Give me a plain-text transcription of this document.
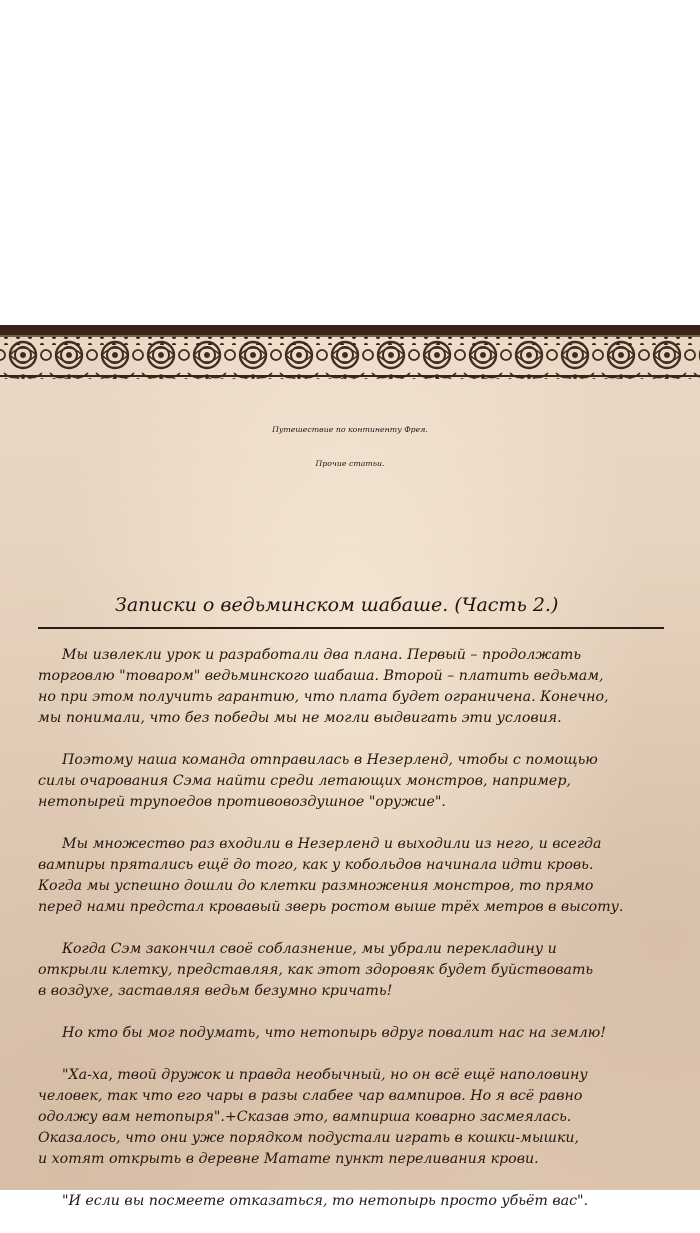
Путешествие по континенту Фрея.
Прочие статьи.
Записки о ведьминском шабаше. (Часть 2.)

Мы извлекли урок и разработали два плана. Первый – продолжать
торговлю "товаром" ведьминского шабаша. Второй – платить ведьмам,
но при этом получить гарантию, что плата будет ограничена. Конечно,
мы понимали, что без победы мы не могли выдвигать эти условия.

Поэтому наша команда отправилась в Незерленд, чтобы с помощью
силы очарования Сэма найти среди летающих монстров, например,
нетопырей трупоедов противовоздушное "оружие".

Мы множество раз входили в Незерленд и выходили из него, и всегда
вампиры прятались ещё до того, как у кобольдов начинала идти кровь.
Когда мы успешно дошли до клетки размножения монстров, то прямо
перед нами предстал кровавый зверь ростом выше трёх метров в высоту.

Когда Сэм закончил своё соблазнение, мы убрали перекладину и
открыли клетку, представляя, как этот здоровяк будет буйствовать
в воздухе, заставляя ведьм безумно кричать!

Но кто бы мог подумать, что нетопырь вдруг повалит нас на землю!

"Ха-ха, твой дружок и правда необычный, но он всё ещё наполовину
человек, так что его чары в разы слабее чар вампиров. Но я всё равно
одолжу вам нетопыря".+Сказав это, вампирша коварно засмеялась.
Оказалось, что они уже порядком подустали играть в кошки-мышки,
и хотят открыть в деревне Матате пункт переливания крови.

"И если вы посмеете отказаться, то нетопырь просто убьёт вас".
